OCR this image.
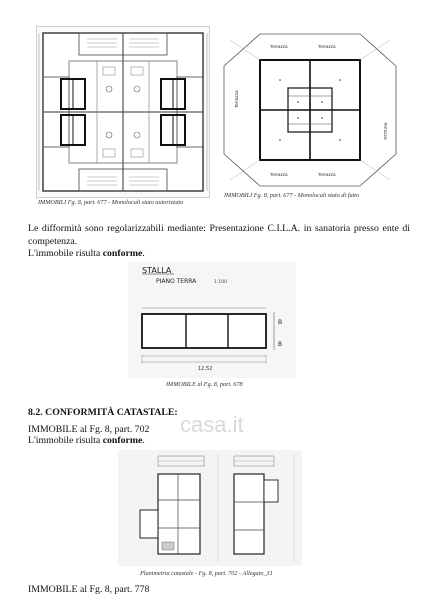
IMMOBILI Fg. 8, part. 677 - Monolocali stato autorizzato
Terrazza	Terrazza
Terrazza	Terrazza
Terrazza
Terrazza
IMMOBILI Fg. 8, part. 677 - Monolocali stato di fatto
Le difformità sono regolarizzabili mediante: Presentazione C.I.L.A. in sanatoria presso ente di competenza.
L'immobile risulta conforme.
STALLA
PIANO TERRA	1:100
B
B
12,52
IMMOBILE al Fg. 8, part. 678
8.2. CONFORMITÀ CATASTALE:
IMMOBILE al Fg. 8, part. 702
L'immobile risulta conforme.
casa.it
Planimetria catastale - Fg. 8, part. 702 - Allegato_31
IMMOBILE al Fg. 8, part. 778
